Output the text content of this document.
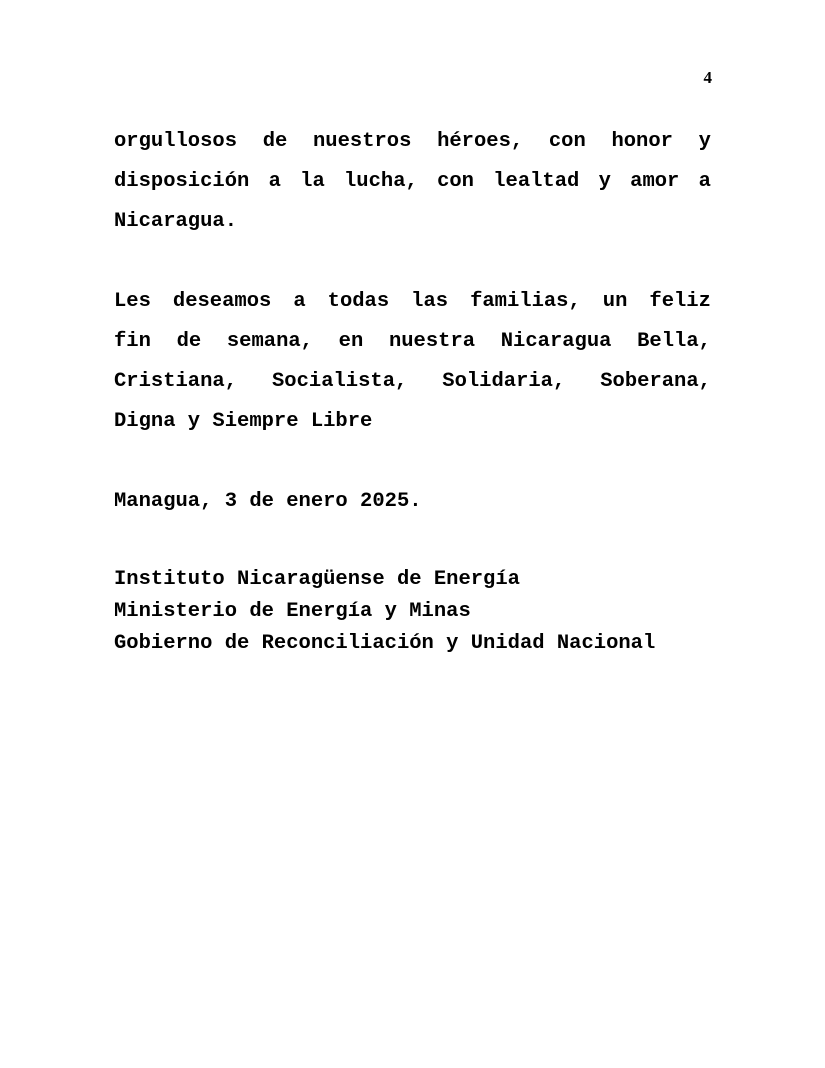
4
orgullosos de nuestros héroes, con honor y
disposición a la lucha, con lealtad y amor a
Nicaragua.
Les deseamos a todas las familias, un feliz
fin de semana, en nuestra Nicaragua Bella,
Cristiana, Socialista, Solidaria, Soberana,
Digna y Siempre Libre
Managua, 3 de enero 2025.
Instituto Nicaragüense de Energía
Ministerio de Energía y Minas
Gobierno de Reconciliación y Unidad Nacional
